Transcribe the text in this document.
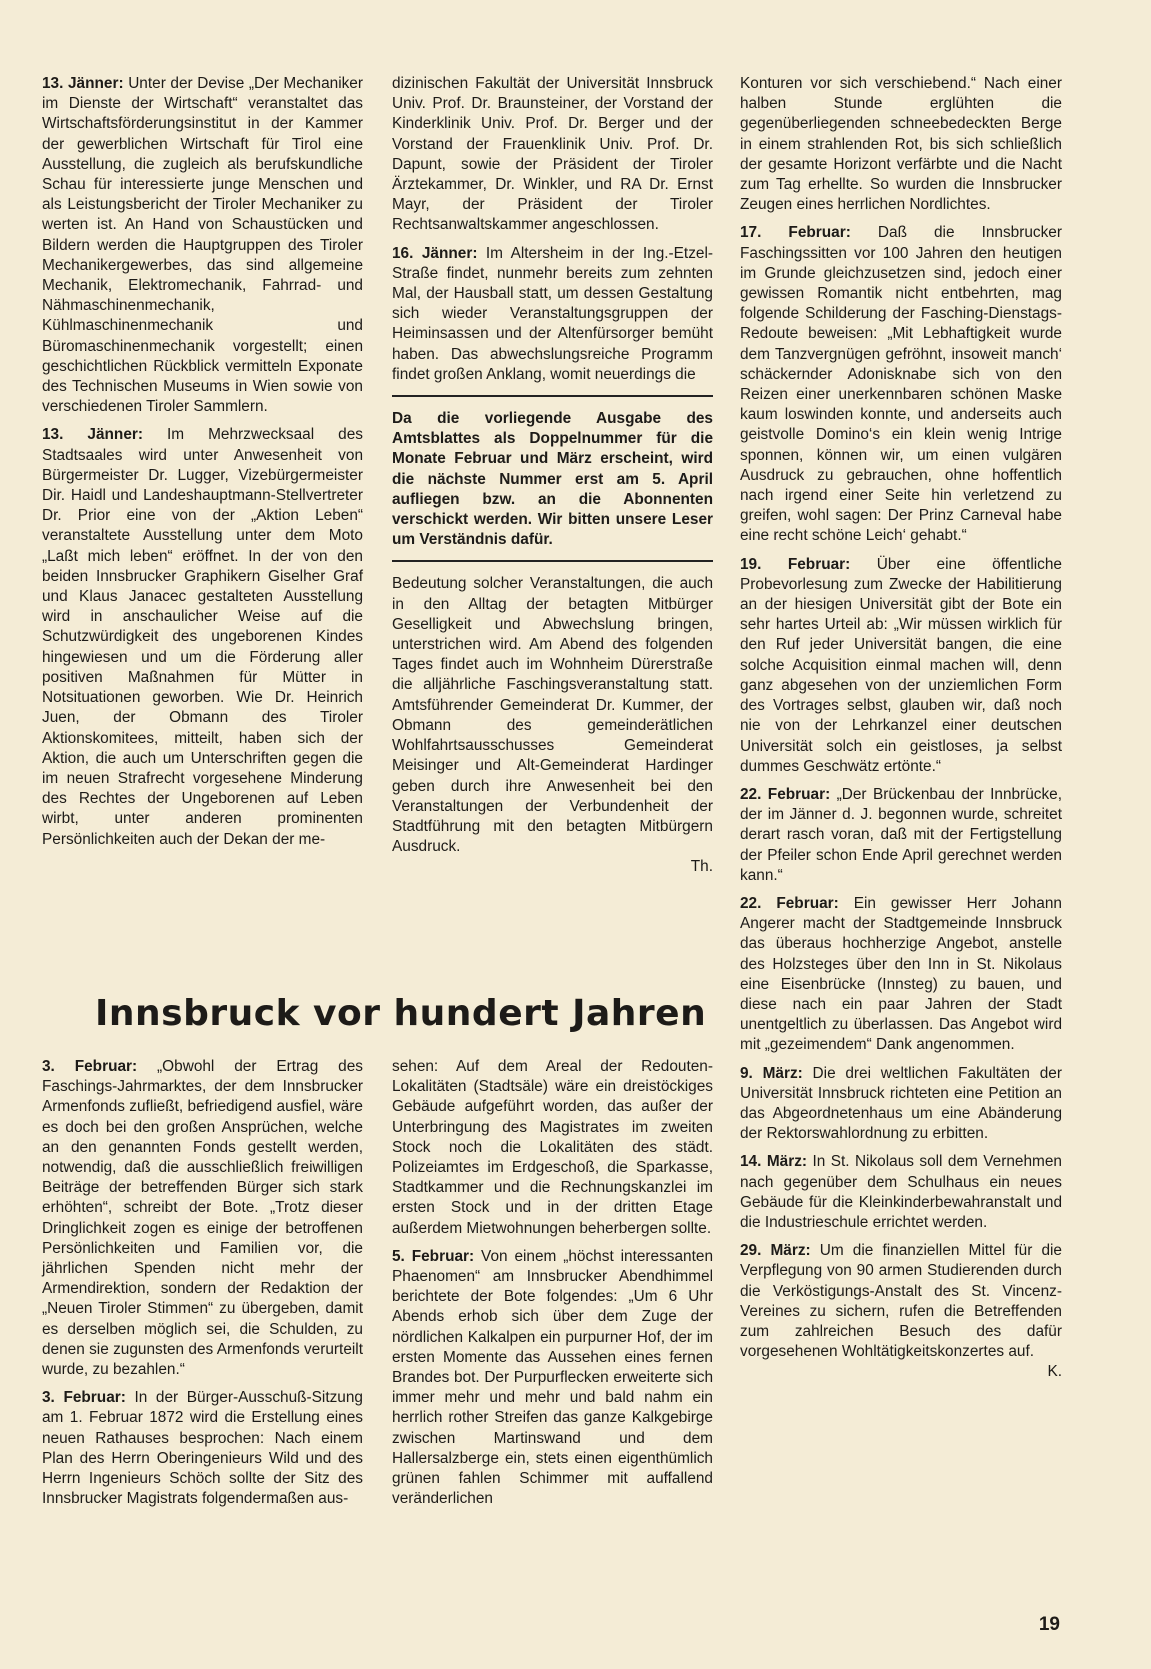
13. Jänner: Unter der Devise „Der Mechaniker im Dienste der Wirtschaft“ veranstaltet das Wirtschaftsförderungsinstitut in der Kammer der gewerblichen Wirtschaft für Tirol eine Ausstellung, die zugleich als berufskundliche Schau für interessierte junge Menschen und als Leistungsbericht der Tiroler Mechaniker zu werten ist. An Hand von Schaustücken und Bildern werden die Hauptgruppen des Tiroler Mechanikergewerbes, das sind allgemeine Mechanik, Elektromechanik, Fahrrad- und Nähmaschinenmechanik, Kühlmaschinenmechanik und Büromaschinenmechanik vorgestellt; einen geschichtlichen Rückblick vermitteln Exponate des Technischen Museums in Wien sowie von verschiedenen Tiroler Sammlern.

13. Jänner: Im Mehrzwecksaal des Stadtsaales wird unter Anwesenheit von Bürgermeister Dr. Lugger, Vizebürgermeister Dir. Haidl und Landeshauptmann-Stellvertreter Dr. Prior eine von der „Aktion Leben“ veranstaltete Ausstellung unter dem Moto „Laßt mich leben“ eröffnet. In der von den beiden Innsbrucker Graphikern Giselher Graf und Klaus Janacec gestalteten Ausstellung wird in anschaulicher Weise auf die Schutzwürdigkeit des ungeborenen Kindes hingewiesen und um die Förderung aller positiven Maßnahmen für Mütter in Notsituationen geworben. Wie Dr. Heinrich Juen, der Obmann des Tiroler Aktionskomitees, mitteilt, haben sich der Aktion, die auch um Unterschriften gegen die im neuen Strafrecht vorgesehene Minderung des Rechtes der Ungeborenen auf Leben wirbt, unter anderen prominenten Persönlichkeiten auch der Dekan der me-

dizinischen Fakultät der Universität Innsbruck Univ. Prof. Dr. Braunsteiner, der Vorstand der Kinderklinik Univ. Prof. Dr. Berger und der Vorstand der Frauenklinik Univ. Prof. Dr. Dapunt, sowie der Präsident der Tiroler Ärztekammer, Dr. Winkler, und RA Dr. Ernst Mayr, der Präsident der Tiroler Rechtsanwaltskammer angeschlossen.

16. Jänner: Im Altersheim in der Ing.-Etzel-Straße findet, nunmehr bereits zum zehnten Mal, der Hausball statt, um dessen Gestaltung sich wieder Veranstaltungsgruppen der Heiminsassen und der Altenfürsorger bemüht haben. Das abwechslungsreiche Programm findet großen Anklang, womit neuerdings die

Da die vorliegende Ausgabe des Amtsblattes als Doppelnummer für die Monate Februar und März erscheint, wird die nächste Nummer erst am 5. April aufliegen bzw. an die Abonnenten verschickt werden. Wir bitten unsere Leser um Verständnis dafür.

Bedeutung solcher Veranstaltungen, die auch in den Alltag der betagten Mitbürger Geselligkeit und Abwechslung bringen, unterstrichen wird. Am Abend des folgenden Tages findet auch im Wohnheim Dürerstraße die alljährliche Faschingsveranstaltung statt. Amtsführender Gemeinderat Dr. Kummer, der Obmann des gemeinderätlichen Wohlfahrtsausschusses Gemeinderat Meisinger und Alt-Gemeinderat Hardinger geben durch ihre Anwesenheit bei den Veranstaltungen der Verbundenheit der Stadtführung mit den betagten Mitbürgern Ausdruck.
Th.

Konturen vor sich verschiebend.“ Nach einer halben Stunde erglühten die gegenüberliegenden schneebedeckten Berge in einem strahlenden Rot, bis sich schließlich der gesamte Horizont verfärbte und die Nacht zum Tag erhellte. So wurden die Innsbrucker Zeugen eines herrlichen Nordlichtes.

17. Februar: Daß die Innsbrucker Faschingssitten vor 100 Jahren den heutigen im Grunde gleichzusetzen sind, jedoch einer gewissen Romantik nicht entbehrten, mag folgende Schilderung der Fasching-Dienstags-Redoute beweisen: „Mit Lebhaftigkeit wurde dem Tanzvergnügen gefröhnt, insoweit manch‘ schäckernder Adonisknabe sich von den Reizen einer unerkennbaren schönen Maske kaum loswinden konnte, und anderseits auch geistvolle Domino‘s ein klein wenig Intrige sponnen, können wir, um einen vulgären Ausdruck zu gebrauchen, ohne hoffentlich nach irgend einer Seite hin verletzend zu greifen, wohl sagen: Der Prinz Carneval habe eine recht schöne Leich‘ gehabt.“

19. Februar: Über eine öffentliche Probevorlesung zum Zwecke der Habilitierung an der hiesigen Universität gibt der Bote ein sehr hartes Urteil ab: „Wir müssen wirklich für den Ruf jeder Universität bangen, die eine solche Acquisition einmal machen will, denn ganz abgesehen von der unziemlichen Form des Vortrages selbst, glauben wir, daß noch nie von der Lehrkanzel einer deutschen Universität solch ein geistloses, ja selbst dummes Geschwätz ertönte.“

22. Februar: „Der Brückenbau der Innbrücke, der im Jänner d. J. begonnen wurde, schreitet derart rasch voran, daß mit der Fertigstellung der Pfeiler schon Ende April gerechnet werden kann.“

22. Februar: Ein gewisser Herr Johann Angerer macht der Stadtgemeinde Innsbruck das überaus hochherzige Angebot, anstelle des Holzsteges über den Inn in St. Nikolaus eine Eisenbrücke (Innsteg) zu bauen, und diese nach ein paar Jahren der Stadt unentgeltlich zu überlassen. Das Angebot wird mit „gezeimendem“ Dank angenommen.

9. März: Die drei weltlichen Fakultäten der Universität Innsbruck richteten eine Petition an das Abgeordnetenhaus um eine Abänderung der Rektorswahlordnung zu erbitten.

14. März: In St. Nikolaus soll dem Vernehmen nach gegenüber dem Schulhaus ein neues Gebäude für die Kleinkinderbewahranstalt und die Industrieschule errichtet werden.

29. März: Um die finanziellen Mittel für die Verpflegung von 90 armen Studierenden durch die Verköstigungs-Anstalt des St. Vincenz-Vereines zu sichern, rufen die Betreffenden zum zahlreichen Besuch des dafür vorgesehenen Wohltätigkeitskonzertes auf.
K.

Innsbruck vor hundert Jahren

3. Februar: „Obwohl der Ertrag des Faschings-Jahrmarktes, der dem Innsbrucker Armenfonds zufließt, befriedigend ausfiel, wäre es doch bei den großen Ansprüchen, welche an den genannten Fonds gestellt werden, notwendig, daß die ausschließlich freiwilligen Beiträge der betreffenden Bürger sich stark erhöhten“, schreibt der Bote. „Trotz dieser Dringlichkeit zogen es einige der betroffenen Persönlichkeiten und Familien vor, die jährlichen Spenden nicht mehr der Armendirektion, sondern der Redaktion der „Neuen Tiroler Stimmen“ zu übergeben, damit es derselben möglich sei, die Schulden, zu denen sie zugunsten des Armenfonds verurteilt wurde, zu bezahlen.“

3. Februar: In der Bürger-Ausschuß-Sitzung am 1. Februar 1872 wird die Erstellung eines neuen Rathauses besprochen: Nach einem Plan des Herrn Oberingenieurs Wild und des Herrn Ingenieurs Schöch sollte der Sitz des Innsbrucker Magistrats folgendermaßen aus-

sehen: Auf dem Areal der Redouten-Lokalitäten (Stadtsäle) wäre ein dreistöckiges Gebäude aufgeführt worden, das außer der Unterbringung des Magistrates im zweiten Stock noch die Lokalitäten des städt. Polizeiamtes im Erdgeschoß, die Sparkasse, Stadtkammer und die Rechnungskanzlei im ersten Stock und in der dritten Etage außerdem Mietwohnungen beherbergen sollte.

5. Februar: Von einem „höchst interessanten Phaenomen“ am Innsbrucker Abendhimmel berichtete der Bote folgendes: „Um 6 Uhr Abends erhob sich über dem Zuge der nördlichen Kalkalpen ein purpurner Hof, der im ersten Momente das Aussehen eines fernen Brandes bot. Der Purpurflecken erweiterte sich immer mehr und mehr und bald nahm ein herrlich rother Streifen das ganze Kalkgebirge zwischen Martinswand und dem Hallersalzberge ein, stets einen eigenthümlich grünen fahlen Schimmer mit auffallend veränderlichen

19
